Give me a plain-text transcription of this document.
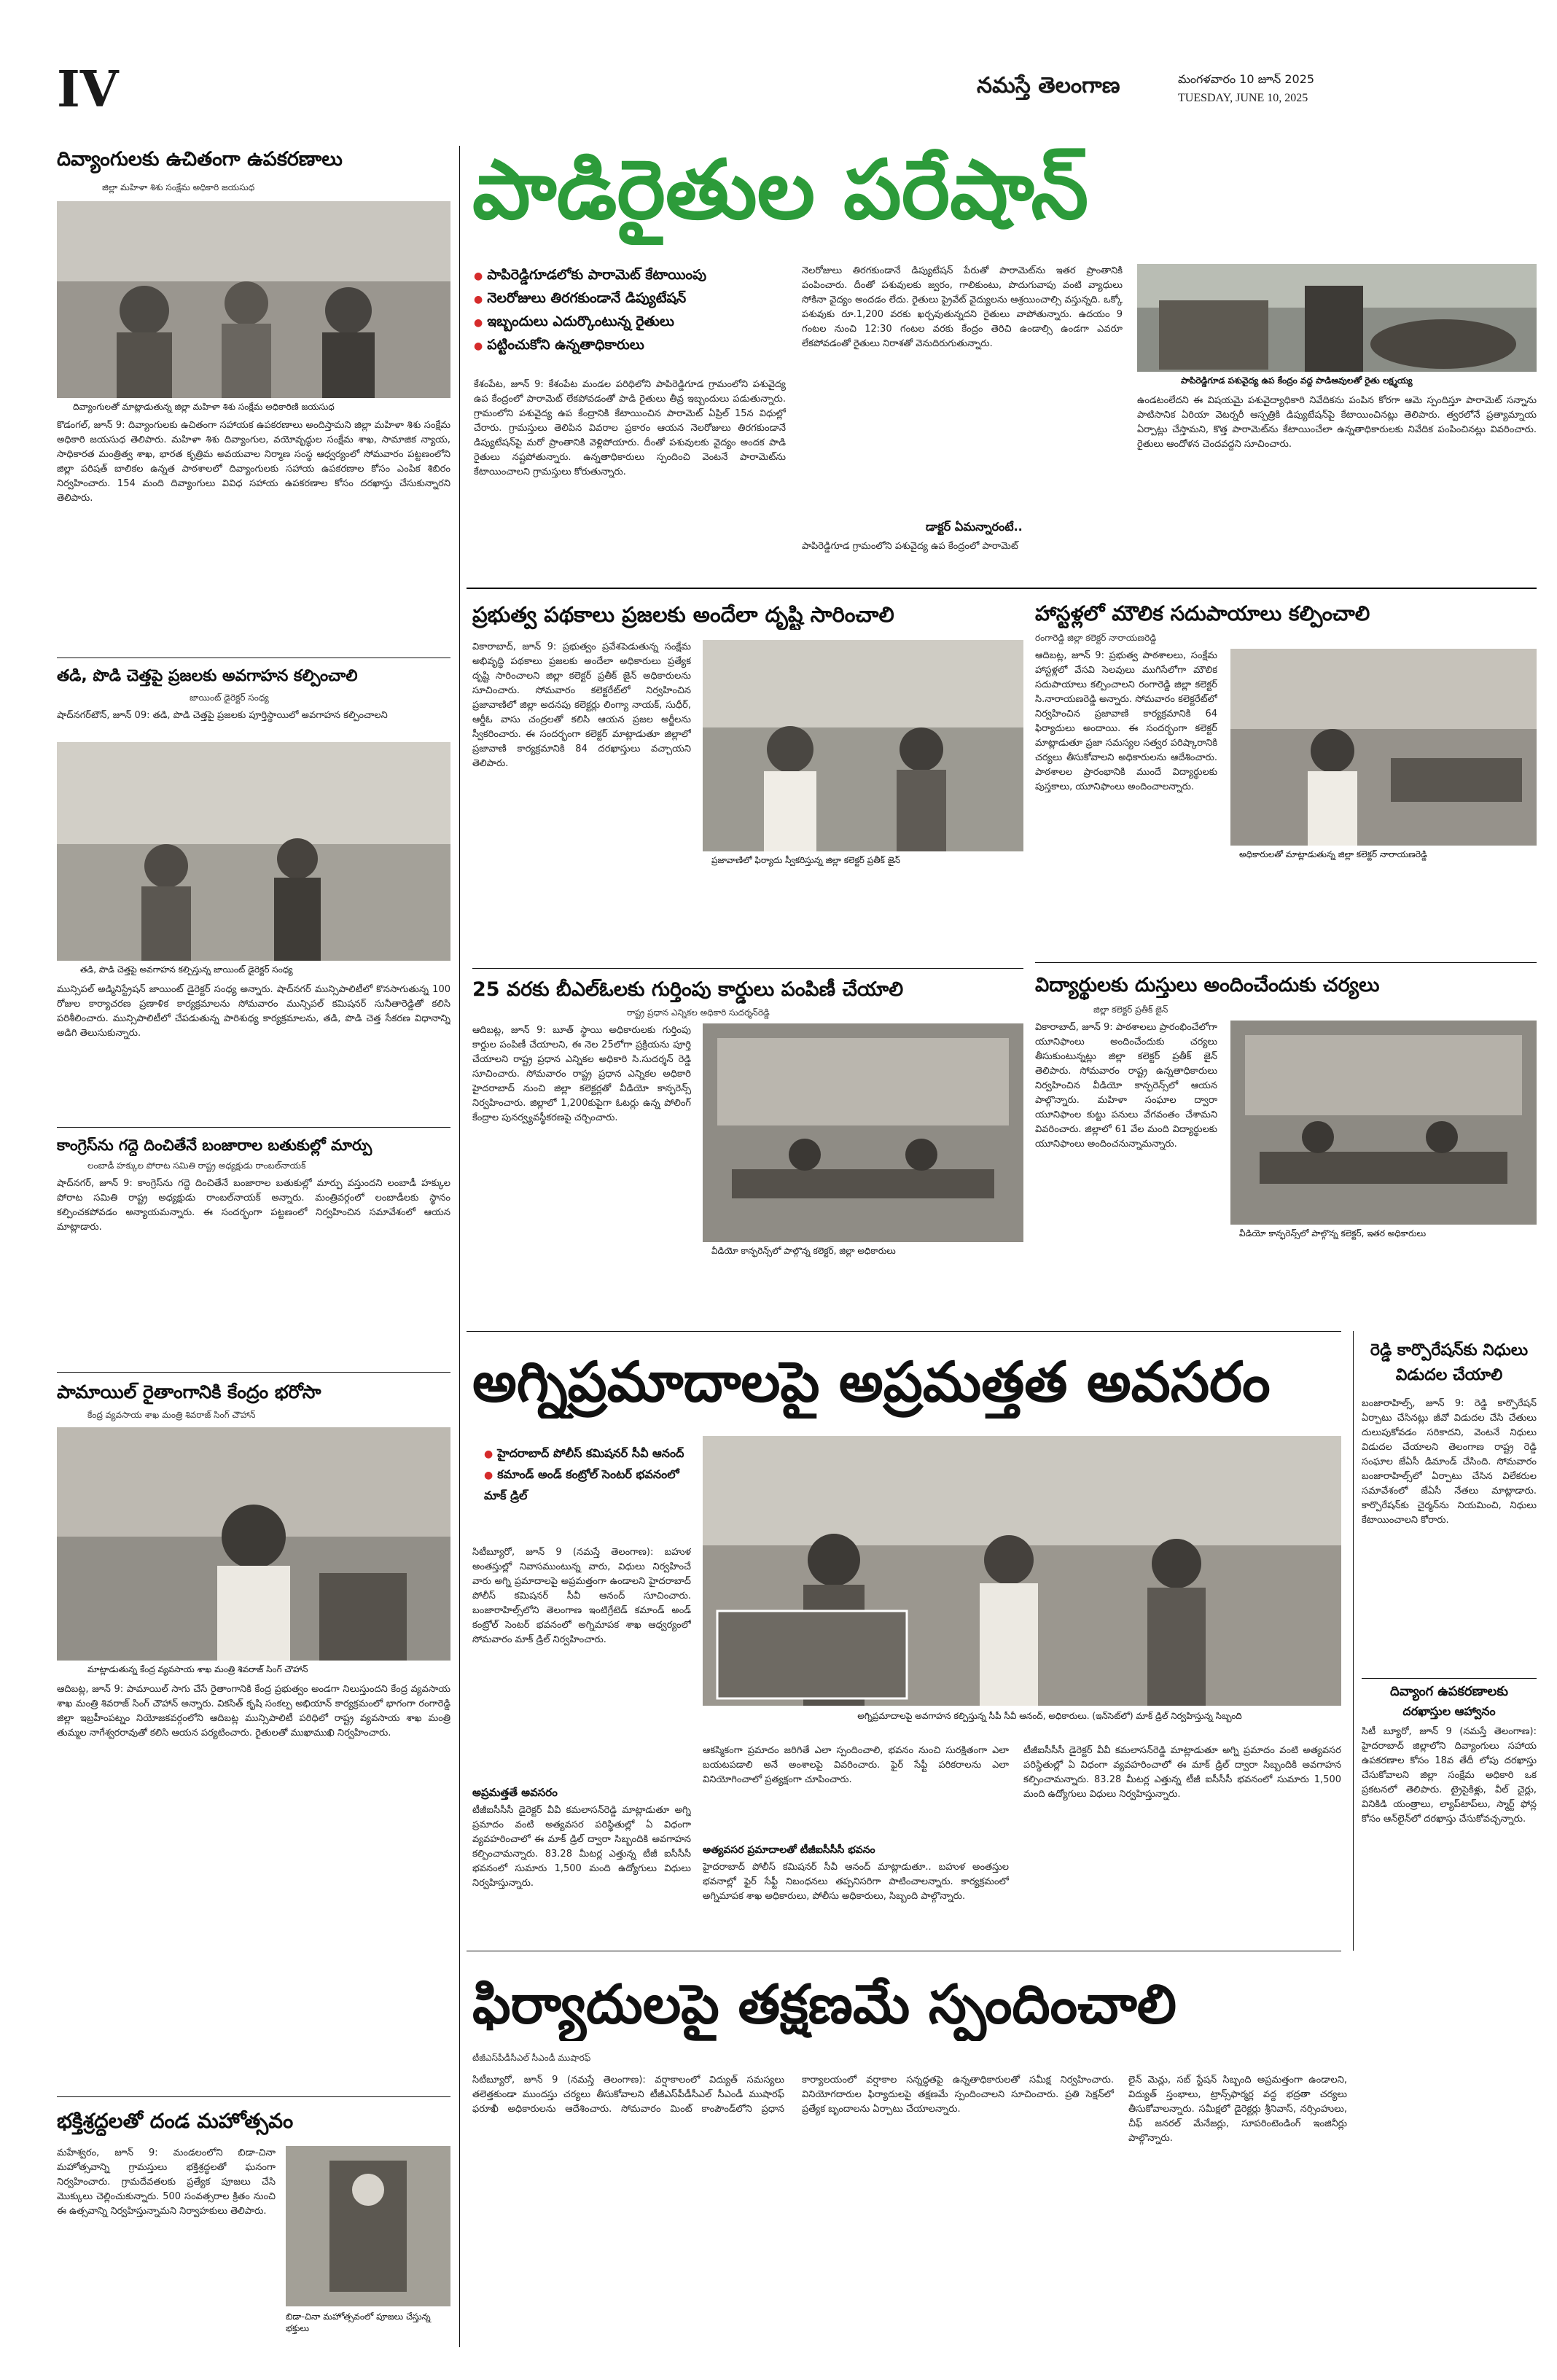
IV	నమస్తే తెలంగాణ	మంగళవారం 10 జూన్ 2025
TUESDAY, JUNE 10, 2025
పాడిరైతుల పరేషాన్
● పాపిరెడ్డిగూడలోకు పారామెట్ కేటాయింపు
● నెలరోజులు తిరగకుండానే డిప్యుటేషన్
● ఇబ్బందులు ఎదుర్కొంటున్న రైతులు
● పట్టించుకోని ఉన్నతాధికారులు
కేశంపేట, జూన్ 9: కేశంపేట మండల పరిధిలోని పాపిరెడ్డిగూడ గ్రామంలోని పశువైద్య ఉప కేంద్రంలో పారామెట్ లేకపోవడంతో పాడి రైతులు తీవ్ర ఇబ్బందులు పడుతున్నారు. గ్రామంలోని పశువైద్య ఉప కేంద్రానికి కేటాయించిన పారామెట్ ఏప్రిల్ 15న విధుల్లో చేరారు. గ్రామస్తులు తెలిపిన వివరాల ప్రకారం ఆయన నెలరోజులు తిరగకుండానే డిప్యుటేషన్‌పై మరో ప్రాంతానికి వెళ్లిపోయారు. దీంతో పశువులకు వైద్యం అందక పాడి రైతులు నష్టపోతున్నారు. ఉన్నతాధికారులు స్పందించి వెంటనే పారామెట్‌ను కేటాయించాలని గ్రామస్తులు కోరుతున్నారు.
నెలరోజులు తిరగకుండానే డిప్యుటేషన్ పేరుతో పారామెట్‌ను ఇతర ప్రాంతానికి పంపించారు. దీంతో పశువులకు జ్వరం, గాలికుంటు, పొదుగువాపు వంటి వ్యాధులు సోకినా వైద్యం అందడం లేదు. రైతులు ప్రైవేట్ వైద్యులను ఆశ్రయించాల్సి వస్తున్నది. ఒక్కో పశువుకు రూ.1,200 వరకు ఖర్చవుతున్నదని రైతులు వాపోతున్నారు. ఉదయం 9 గంటల నుంచి 12:30 గంటల వరకు కేంద్రం తెరిచి ఉండాల్సి ఉండగా ఎవరూ లేకపోవడంతో రైతులు నిరాశతో వెనుదిరుగుతున్నారు.
డాక్టర్ ఏమన్నారంటే..
పాపిరెడ్డిగూడ గ్రామంలోని పశువైద్య ఉప కేంద్రంలో పారామెట్
పాపిరెడ్డిగూడ పశువైద్య ఉప కేంద్రం వద్ద పాడిఆవులతో రైతు లక్ష్మయ్య
ఉండటంలేదని ఈ విషయమై పశువైద్యాధికారి నివేదికను పంపిన కోరగా ఆమె స్పందిస్తూ పారామెట్ సన్నాను పాటిసానిక ఏరియా వెటర్నరీ ఆస్పత్రికి డిప్యుటేషన్‌పై కేటాయించినట్లు తెలిపారు. త్వరలోనే ప్రత్యామ్నాయ ఏర్పాట్లు చేస్తామని, కొత్త పారామెట్‌ను కేటాయించేలా ఉన్నతాధికారులకు నివేదిక పంపించినట్లు వివరించారు. రైతులు ఆందోళన చెందవద్దని సూచించారు.
దివ్యాంగులకు ఉచితంగా ఉపకరణాలు
జిల్లా మహిళా శిశు సంక్షేమ అధికారి జయసుధ
దివ్యాంగులతో మాట్లాడుతున్న జిల్లా మహిళా శిశు సంక్షేమ అధికారిణి జయసుధ
కొడంగల్, జూన్ 9: దివ్యాంగులకు ఉచితంగా సహాయక ఉపకరణాలు అందిస్తామని జిల్లా మహిళా శిశు సంక్షేమ అధికారి జయసుధ తెలిపారు. మహిళా శిశు దివ్యాంగుల, వయోవృద్ధుల సంక్షేమ శాఖ, సామాజిక న్యాయ, సాధికారత మంత్రిత్వ శాఖ, భారత కృత్రిమ అవయవాల నిర్మాణ సంస్థ ఆధ్వర్యంలో సోమవారం పట్టణంలోని జిల్లా పరిషత్ బాలికల ఉన్నత పాఠశాలలో దివ్యాంగులకు సహాయ ఉపకరణాల కోసం ఎంపిక శిబిరం నిర్వహించారు. 154 మంది దివ్యాంగులు వివిధ సహాయ ఉపకరణాల కోసం దరఖాస్తు చేసుకున్నారని తెలిపారు.
తడి, పొడి చెత్తపై ప్రజలకు అవగాహన కల్పించాలి
జాయింట్ డైరెక్టర్ సంధ్య
షాద్‌నగర్‌టౌన్, జూన్ 09: తడి, పొడి చెత్తపై ప్రజలకు పూర్తిస్థాయిలో అవగాహన కల్పించాలని
తడి, పొడి చెత్తపై అవగాహన కల్పిస్తున్న జాయింట్ డైరెక్టర్ సంధ్య
మున్సిపల్ అడ్మినిస్ట్రేషన్ జాయింట్ డైరెక్టర్ సంధ్య అన్నారు. షాద్‌నగర్ మున్సిపాలిటీలో కొనసాగుతున్న 100 రోజుల కార్యాచరణ ప్రణాళిక కార్యక్రమాలను సోమవారం మున్సిపల్ కమిషనర్ సునీతారెడ్డితో కలిసి పరిశీలించారు. మున్సిపాలిటీలో చేపడుతున్న పారిశుధ్య కార్యక్రమాలను, తడి, పొడి చెత్త సేకరణ విధానాన్ని అడిగి తెలుసుకున్నారు.
కాంగ్రెస్‌ను గద్దె దించితేనే బంజారాల బతుకుల్లో మార్పు
లంబాడీ హక్కుల పోరాట సమితి రాష్ట్ర అధ్యక్షుడు రాంబల్‌నాయక్
షాద్‌నగర్, జూన్ 9: కాంగ్రెస్‌ను గద్దె దించితేనే బంజారాల బతుకుల్లో మార్పు వస్తుందని లంబాడీ హక్కుల పోరాట సమితి రాష్ట్ర అధ్యక్షుడు రాంబల్‌నాయక్ అన్నారు. మంత్రివర్గంలో లంబాడీలకు స్థానం కల్పించకపోవడం అన్యాయమన్నారు. ఈ సందర్భంగా పట్టణంలో నిర్వహించిన సమావేశంలో ఆయన మాట్లాడారు.
పామాయిల్ రైతాంగానికి కేంద్రం భరోసా
కేంద్ర వ్యవసాయ శాఖ మంత్రి శివరాజ్ సింగ్ చౌహాన్
మాట్లాడుతున్న కేంద్ర వ్యవసాయ శాఖ మంత్రి శివరాజ్ సింగ్ చౌహాన్
ఆదిబట్ల, జూన్ 9: పామాయిల్ సాగు చేసే రైతాంగానికి కేంద్ర ప్రభుత్వం అండగా నిలుస్తుందని కేంద్ర వ్యవసాయ శాఖ మంత్రి శివరాజ్ సింగ్ చౌహాన్ అన్నారు. వికసిత్ కృషి సంకల్ప అభియాన్ కార్యక్రమంలో భాగంగా రంగారెడ్డి జిల్లా ఇబ్రహీంపట్నం నియోజకవర్గంలోని ఆదిబట్ల మున్సిపాలిటీ పరిధిలో రాష్ట్ర వ్యవసాయ శాఖ మంత్రి తుమ్మల నాగేశ్వరరావుతో కలిసి ఆయన పర్యటించారు. రైతులతో ముఖాముఖి నిర్వహించారు.
భక్తిశ్రద్ధలతో దండ మహోత్సవం
మహేశ్వరం, జూన్ 9: మండలంలోని బిడా-చినా మహోత్సవాన్ని గ్రామస్తులు భక్తిశ్రద్ధలతో ఘనంగా నిర్వహించారు. గ్రామదేవతలకు ప్రత్యేక పూజలు చేసి మొక్కులు చెల్లించుకున్నారు. 500 సంవత్సరాల క్రితం నుంచి ఈ ఉత్సవాన్ని నిర్వహిస్తున్నామని నిర్వాహకులు తెలిపారు.
బిడా-చినా మహోత్సవంలో పూజలు చేస్తున్న భక్తులు
ప్రభుత్వ పథకాలు ప్రజలకు అందేలా దృష్టి సారించాలి
వికారాబాద్, జూన్ 9: ప్రభుత్వం ప్రవేశపెడుతున్న సంక్షేమ అభివృద్ధి పథకాలు ప్రజలకు అందేలా అధికారులు ప్రత్యేక దృష్టి సారించాలని జిల్లా కలెక్టర్ ప్రతీక్ జైన్ అధికారులను సూచించారు. సోమవారం కలెక్టరేట్‌లో నిర్వహించిన ప్రజావాణిలో జిల్లా అదనపు కలెక్టర్లు లింగ్యా నాయక్, సుధీర్, ఆర్డీఓ వాసు చంద్రలతో కలిసి ఆయన ప్రజల అర్జీలను స్వీకరించారు. ఈ సందర్భంగా కలెక్టర్ మాట్లాడుతూ జిల్లాలో ప్రజావాణి కార్యక్రమానికి 84 దరఖాస్తులు వచ్చాయని తెలిపారు.
ప్రజావాణిలో ఫిర్యాదు స్వీకరిస్తున్న జిల్లా కలెక్టర్ ప్రతీక్ జైన్
25 వరకు బీఎల్‌ఓలకు గుర్తింపు కార్డులు పంపిణీ చేయాలి
రాష్ట్ర ప్రధాన ఎన్నికల అధికారి సుదర్శన్‌రెడ్డి
ఆదిబట్ల, జూన్ 9: బూత్ స్థాయి అధికారులకు గుర్తింపు కార్డుల పంపిణీ చేయాలని, ఈ నెల 25లోగా ప్రక్రియను పూర్తి చేయాలని రాష్ట్ర ప్రధాన ఎన్నికల అధికారి సి.సుదర్శన్ రెడ్డి సూచించారు. సోమవారం రాష్ట్ర ప్రధాన ఎన్నికల అధికారి హైదరాబాద్ నుంచి జిల్లా కలెక్టర్లతో వీడియో కాన్ఫరెన్స్ నిర్వహించారు. జిల్లాలో 1,200కుపైగా ఓటర్లు ఉన్న పోలింగ్ కేంద్రాల పునర్వ్యవస్థీకరణపై చర్చించారు.
వీడియో కాన్ఫరెన్స్‌లో పాల్గొన్న కలెక్టర్, జిల్లా అధికారులు
అగ్నిప్రమాదాలపై అప్రమత్తత అవసరం
● హైదరాబాద్ పోలీస్ కమిషనర్ సీవీ ఆనంద్
● కమాండ్ అండ్ కంట్రోల్ సెంటర్ భవనంలో మాక్ డ్రిల్
సిటీబ్యూరో, జూన్ 9 (నమస్తే తెలంగాణ): బహుళ అంతస్తుల్లో నివాసముంటున్న వారు, విధులు నిర్వహించే వారు అగ్ని ప్రమాదాలపై అప్రమత్తంగా ఉండాలని హైదరాబాద్ పోలీస్ కమిషనర్ సీవీ ఆనంద్ సూచించారు. బంజారాహిల్స్‌లోని తెలంగాణ ఇంటిగ్రేటెడ్ కమాండ్ అండ్ కంట్రోల్ సెంటర్ భవనంలో అగ్నిమాపక శాఖ ఆధ్వర్యంలో సోమవారం మాక్ డ్రిల్ నిర్వహించారు.
అగ్నిప్రమాదాలపై అవగాహన కల్పిస్తున్న సీపీ సీవీ ఆనంద్, అధికారులు. (ఇన్‌సెట్‌లో) మాక్ డ్రిల్ నిర్వహిస్తున్న సిబ్బంది
అప్రమత్తతే అవసరం
టీజీఐసీసీసీ డైరెక్టర్ వీవీ కమలాసన్‌రెడ్డి మాట్లాడుతూ అగ్ని ప్రమాదం వంటి అత్యవసర పరిస్థితుల్లో ఏ విధంగా వ్యవహరించాలో ఈ మాక్ డ్రిల్ ద్వారా సిబ్బందికి అవగాహన కల్పించామన్నారు. 83.28 మీటర్ల ఎత్తున్న టీజీ ఐసీసీసీ భవనంలో సుమారు 1,500 మంది ఉద్యోగులు విధులు నిర్వహిస్తున్నారు.
ఆకస్మికంగా ప్రమాదం జరిగితే ఎలా స్పందించాలి, భవనం నుంచి సురక్షితంగా ఎలా బయటపడాలి అనే అంశాలపై వివరించారు. ఫైర్ సేఫ్టీ పరికరాలను ఎలా వినియోగించాలో ప్రత్యక్షంగా చూపించారు.
అత్యవసర ప్రమాదాలతో టీజీఐసీసీసీ భవనం
హైదరాబాద్ పోలీస్ కమిషనర్ సీవీ ఆనంద్ మాట్లాడుతూ.. బహుళ అంతస్తుల భవనాల్లో ఫైర్ సేఫ్టీ నిబంధనలు తప్పనిసరిగా పాటించాలన్నారు. కార్యక్రమంలో అగ్నిమాపక శాఖ అధికారులు, పోలీసు అధికారులు, సిబ్బంది పాల్గొన్నారు.
టీజీఐసీసీసీ డైరెక్టర్ వీవీ కమలాసన్‌రెడ్డి మాట్లాడుతూ అగ్ని ప్రమాదం వంటి అత్యవసర పరిస్థితుల్లో ఏ విధంగా వ్యవహరించాలో ఈ మాక్ డ్రిల్ ద్వారా సిబ్బందికి అవగాహన కల్పించామన్నారు. 83.28 మీటర్ల ఎత్తున్న టీజీ ఐసీసీసీ భవనంలో సుమారు 1,500 మంది ఉద్యోగులు విధులు నిర్వహిస్తున్నారు.
ఫిర్యాదులపై తక్షణమే స్పందించాలి
టీజీఎస్‌పీడీసీఎల్ సీఎండీ ముషారఫ్
సిటీబ్యూరో, జూన్ 9 (నమస్తే తెలంగాణ): వర్షాకాలంలో విద్యుత్ సమస్యలు తలెత్తకుండా ముందస్తు చర్యలు తీసుకోవాలని టీజీఎస్‌పీడీసీఎల్ సీఎండీ ముషారఫ్ ఫరూఖీ అధికారులను ఆదేశించారు. సోమవారం మింట్ కాంపౌండ్‌లోని ప్రధాన కార్యాలయంలో వర్షాకాల సన్నద్ధతపై ఉన్నతాధికారులతో సమీక్ష నిర్వహించారు. వినియోగదారుల ఫిర్యాదులపై తక్షణమే స్పందించాలని సూచించారు. ప్రతి సెక్షన్‌లో ప్రత్యేక బృందాలను ఏర్పాటు చేయాలన్నారు.
లైన్ మెన్లు, సబ్ స్టేషన్ సిబ్బంది అప్రమత్తంగా ఉండాలని, విద్యుత్ స్తంభాలు, ట్రాన్స్‌ఫార్మర్ల వద్ద భద్రతా చర్యలు తీసుకోవాలన్నారు. సమీక్షలో డైరెక్టర్లు శ్రీనివాస్, నర్సింహులు, చీఫ్ జనరల్ మేనేజర్లు, సూపరింటెండింగ్ ఇంజినీర్లు పాల్గొన్నారు.
హాస్టళ్లలో మౌలిక సదుపాయాలు కల్పించాలి
రంగారెడ్డి జిల్లా కలెక్టర్ నారాయణరెడ్డి
ఆదిబట్ల, జూన్ 9: ప్రభుత్వ పాఠశాలలు, సంక్షేమ హాస్టళ్లలో వేసవి సెలవులు ముగిసేలోగా మౌలిక సదుపాయాలు కల్పించాలని రంగారెడ్డి జిల్లా కలెక్టర్ సి.నారాయణరెడ్డి అన్నారు. సోమవారం కలెక్టరేట్‌లో నిర్వహించిన ప్రజావాణి కార్యక్రమానికి 64 ఫిర్యాదులు అందాయి. ఈ సందర్భంగా కలెక్టర్ మాట్లాడుతూ ప్రజా సమస్యల సత్వర పరిష్కారానికి చర్యలు తీసుకోవాలని అధికారులను ఆదేశించారు. పాఠశాలల ప్రారంభానికి ముందే విద్యార్థులకు పుస్తకాలు, యూనిఫాంలు అందించాలన్నారు.
అధికారులతో మాట్లాడుతున్న జిల్లా కలెక్టర్ నారాయణరెడ్డి
విద్యార్థులకు దుస్తులు అందించేందుకు చర్యలు
జిల్లా కలెక్టర్ ప్రతీక్ జైన్
వికారాబాద్, జూన్ 9: పాఠశాలలు ప్రారంభించేలోగా యూనిఫాంలు అందించేందుకు చర్యలు తీసుకుంటున్నట్లు జిల్లా కలెక్టర్ ప్రతీక్ జైన్ తెలిపారు. సోమవారం రాష్ట్ర ఉన్నతాధికారులు నిర్వహించిన వీడియో కాన్ఫరెన్స్‌లో ఆయన పాల్గొన్నారు. మహిళా సంఘాల ద్వారా యూనిఫాంల కుట్టు పనులు వేగవంతం చేశామని వివరించారు. జిల్లాలో 61 వేల మంది విద్యార్థులకు యూనిఫాంలు అందించనున్నామన్నారు.
వీడియో కాన్ఫరెన్స్‌లో పాల్గొన్న కలెక్టర్, ఇతర అధికారులు
రెడ్డి కార్పొరేషన్‌కు నిధులు విడుదల చేయాలి
బంజారాహిల్స్, జూన్ 9: రెడ్డి కార్పొరేషన్ ఏర్పాటు చేసినట్లు జీవో విడుదల చేసి చేతులు దులుపుకోవడం సరికాదని, వెంటనే నిధులు విడుదల చేయాలని తెలంగాణ రాష్ట్ర రెడ్డి సంఘాల జేఏసీ డిమాండ్ చేసింది. సోమవారం బంజారాహిల్స్‌లో ఏర్పాటు చేసిన విలేకరుల సమావేశంలో జేఏసీ నేతలు మాట్లాడారు. కార్పొరేషన్‌కు చైర్మన్‌ను నియమించి, నిధులు కేటాయించాలని కోరారు.
దివ్యాంగ ఉపకరణాలకు
దరఖాస్తుల ఆహ్వానం
సిటీ బ్యూరో, జూన్ 9 (నమస్తే తెలంగాణ): హైదరాబాద్ జిల్లాలోని దివ్యాంగులు సహాయ ఉపకరణాల కోసం 18వ తేదీ లోపు దరఖాస్తు చేసుకోవాలని జిల్లా సంక్షేమ అధికారి ఒక ప్రకటనలో తెలిపారు. ట్రైసైకిళ్లు, వీల్ చైర్లు, వినికిడి యంత్రాలు, ల్యాప్‌టాప్‌లు, స్మార్ట్ ఫోన్ల కోసం ఆన్‌లైన్‌లో దరఖాస్తు చేసుకోవచ్చన్నారు.
